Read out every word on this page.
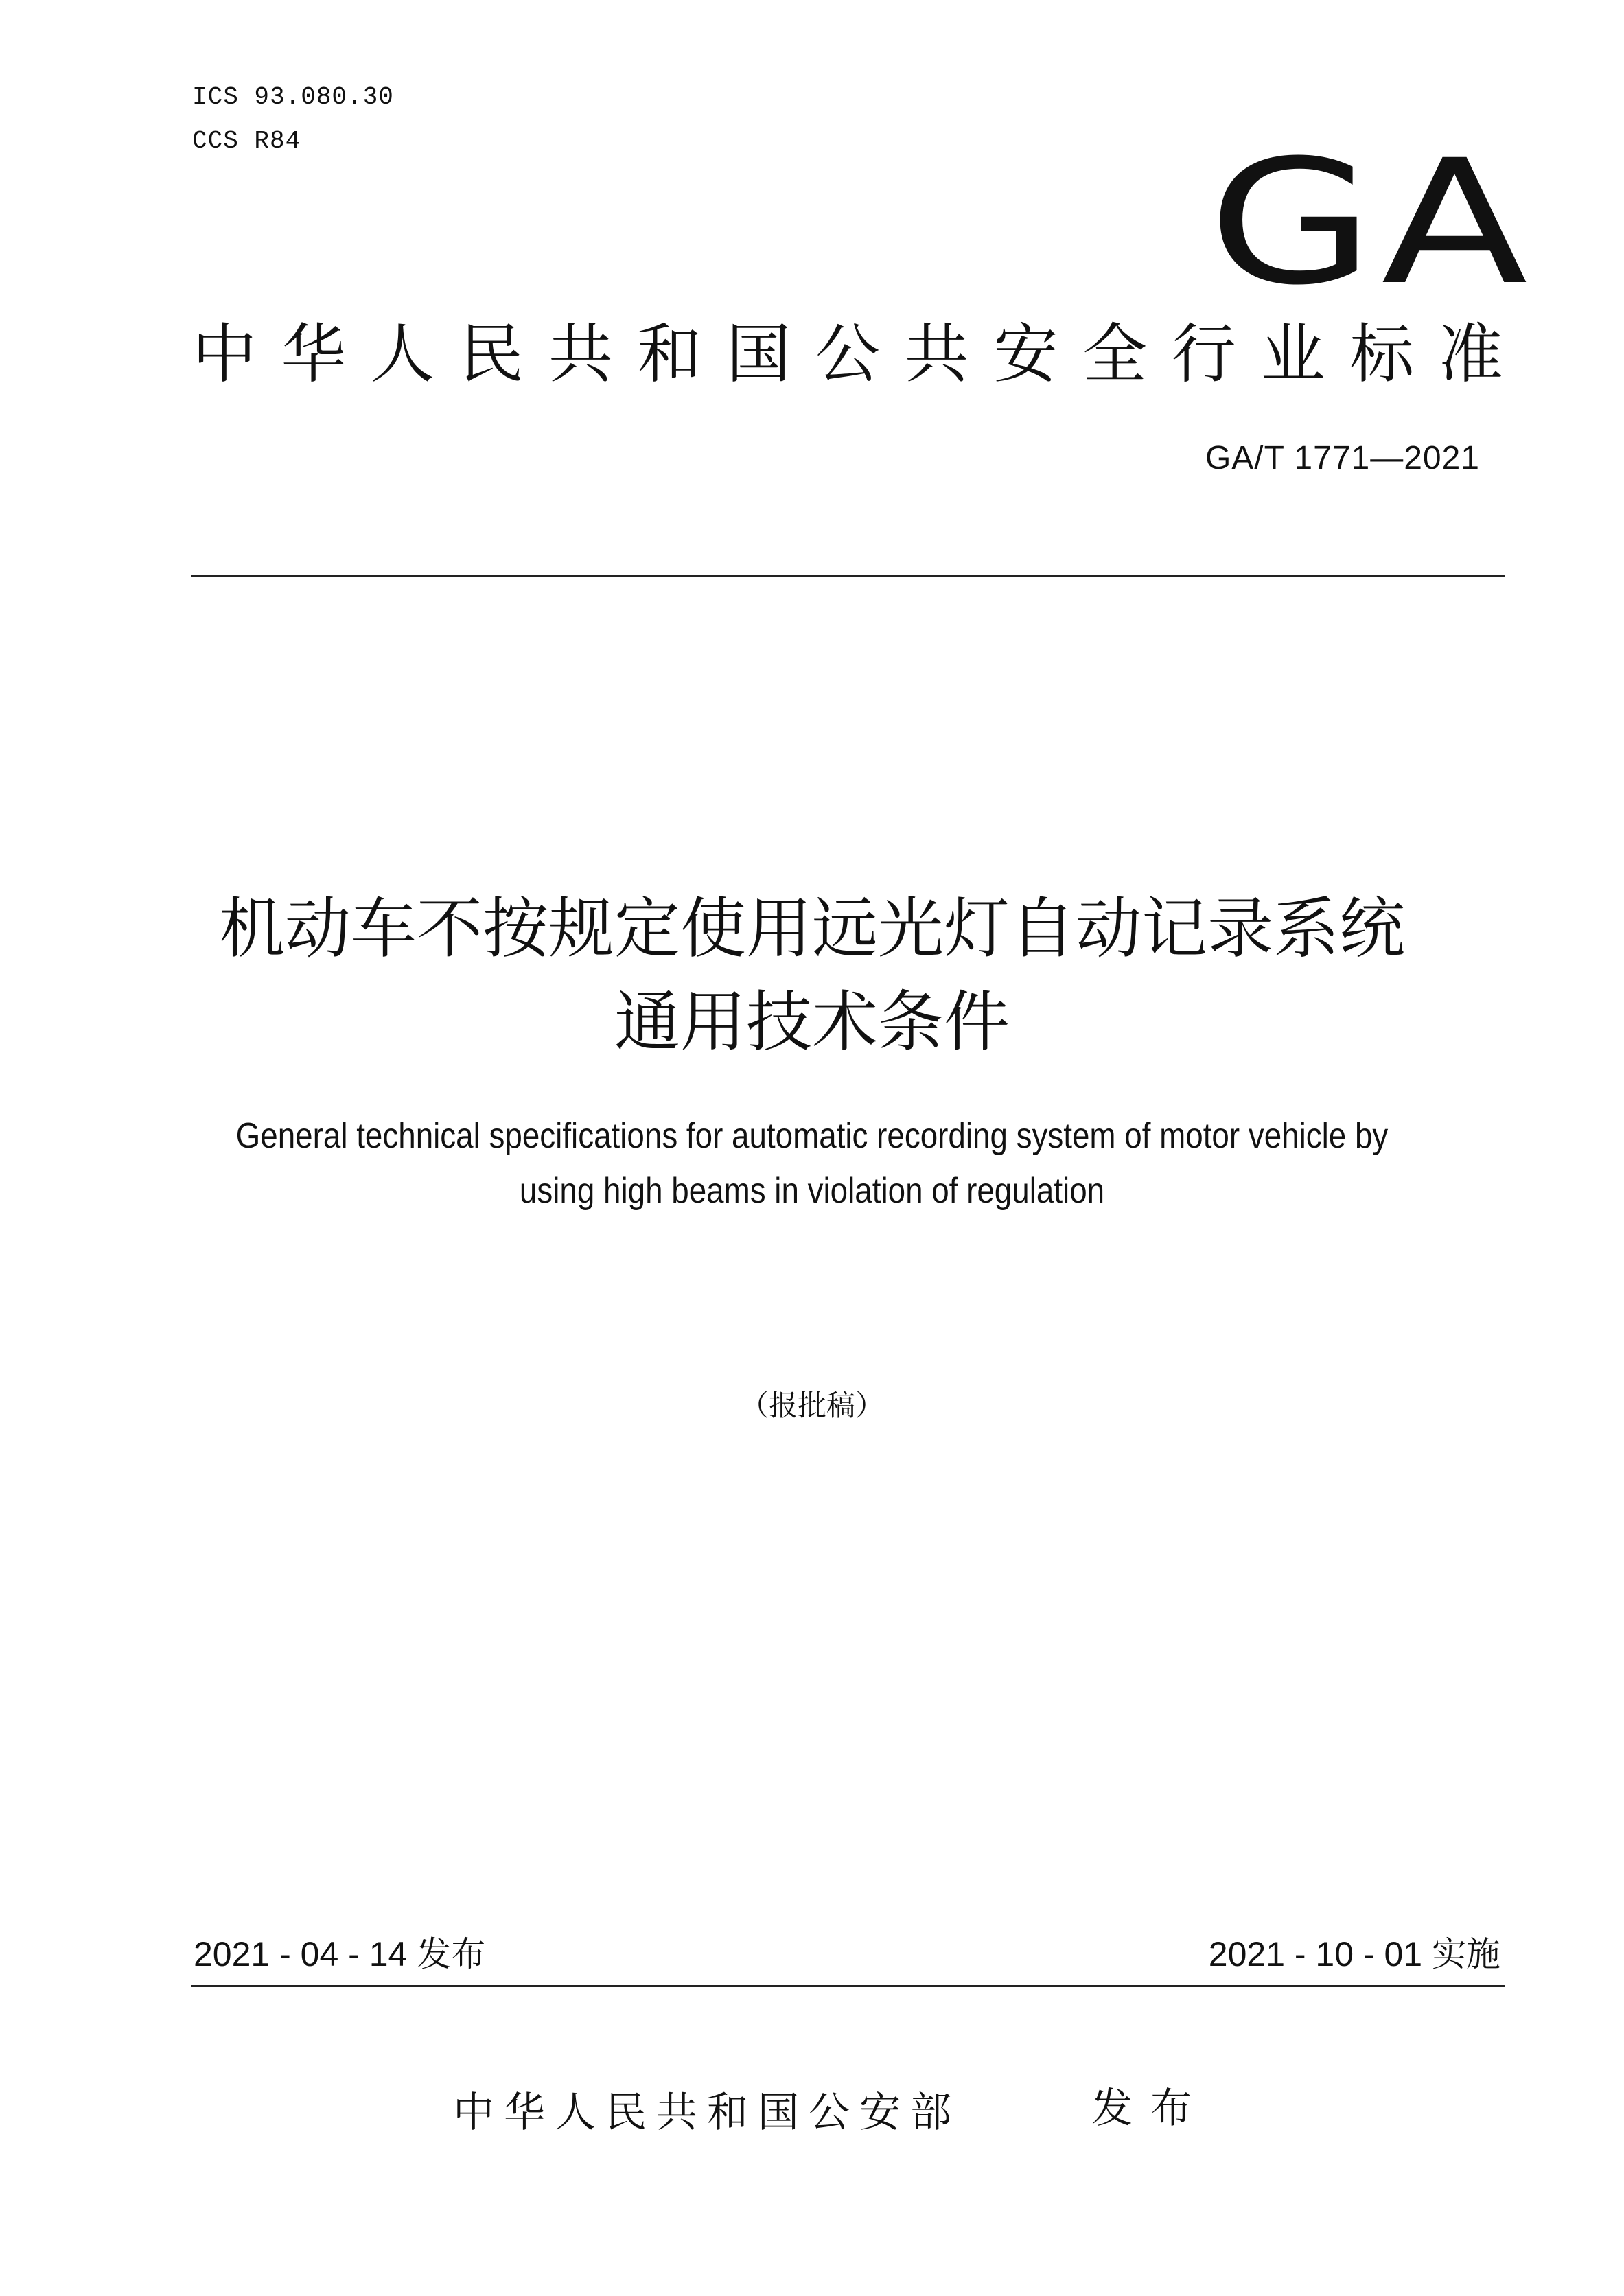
ICS 93.080.30
CCS R84	GA
中 华 人 民 共 和 国 公 共 安 全 行 业 标 准
GA/T 1771—2021
机动车不按规定使用远光灯自动记录系统
通用技术条件
General technical specifications for automatic recording system of motor vehicle by
using high beams in violation of regulation
（报批稿）
2021 - 04 - 14 发布	2021 - 10 - 01 实施
中华人民共和国公安部	发布
